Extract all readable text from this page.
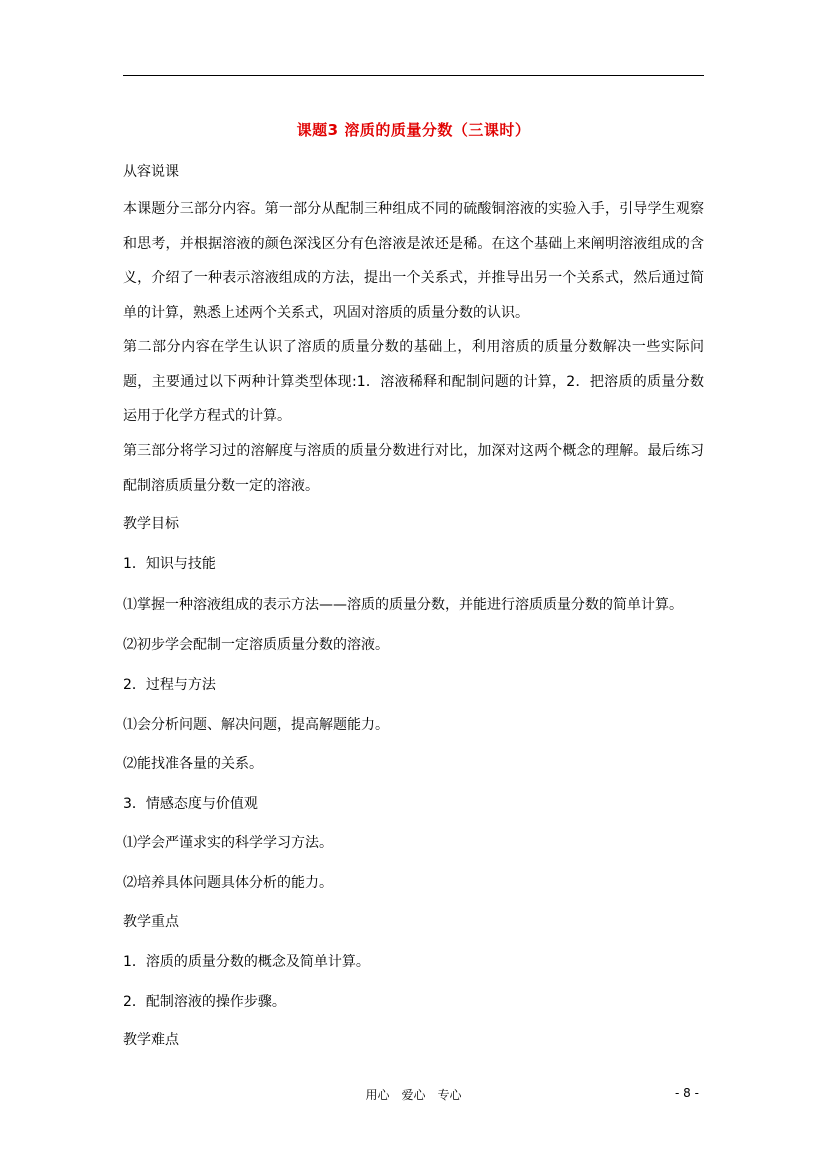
课题3 溶质的质量分数（三课时）
从容说课
本课题分三部分内容。第一部分从配制三种组成不同的硫酸铜溶液的实验入手，引导学生观察和思考，并根据溶液的颜色深浅区分有色溶液是浓还是稀。在这个基础上来阐明溶液组成的含义，介绍了一种表示溶液组成的方法，提出一个关系式，并推导出另一个关系式，然后通过简单的计算，熟悉上述两个关系式，巩固对溶质的质量分数的认识。
第二部分内容在学生认识了溶质的质量分数的基础上，利用溶质的质量分数解决一些实际问题，主要通过以下两种计算类型体现:1．溶液稀释和配制问题的计算，2．把溶质的质量分数运用于化学方程式的计算。
第三部分将学习过的溶解度与溶质的质量分数进行对比，加深对这两个概念的理解。最后练习配制溶质质量分数一定的溶液。
教学目标
1．知识与技能
⑴掌握一种溶液组成的表示方法——溶质的质量分数，并能进行溶质质量分数的简单计算。
⑵初步学会配制一定溶质质量分数的溶液。
2．过程与方法
⑴会分析问题、解决问题，提高解题能力。
⑵能找准各量的关系。
3．情感态度与价值观
⑴学会严谨求实的科学学习方法。
⑵培养具体问题具体分析的能力。
教学重点
1．溶质的质量分数的概念及简单计算。
2．配制溶液的操作步骤。
教学难点
用心　爱心　专心	- 8 -
